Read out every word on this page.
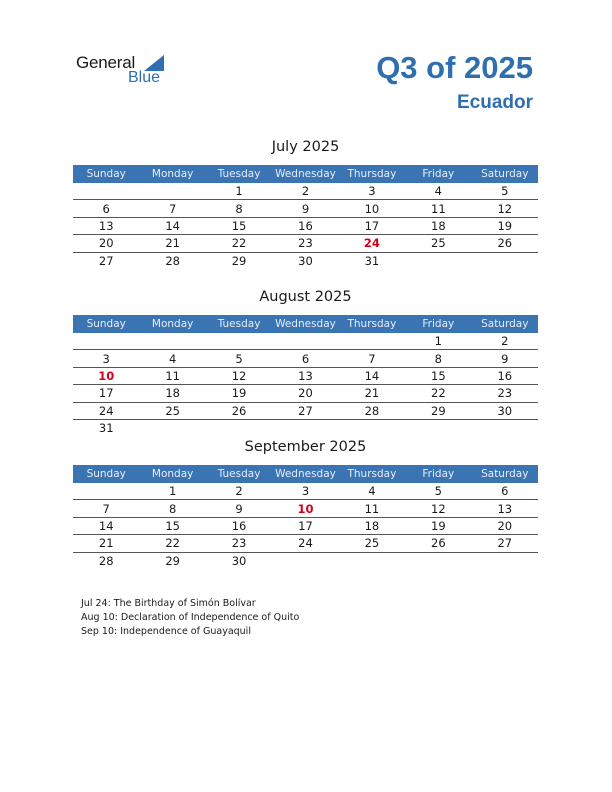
General
Blue	Q3 of 2025
Ecuador
July 2025
Sunday	Monday	Tuesday	Wednesday	Thursday	Friday	Saturday
		1	2	3	4	5
6	7	8	9	10	11	12
13	14	15	16	17	18	19
20	21	22	23	24	25	26
27	28	29	30	31		
August 2025
Sunday	Monday	Tuesday	Wednesday	Thursday	Friday	Saturday
					1	2
3	4	5	6	7	8	9
10	11	12	13	14	15	16
17	18	19	20	21	22	23
24	25	26	27	28	29	30
31						
September 2025
Sunday	Monday	Tuesday	Wednesday	Thursday	Friday	Saturday
	1	2	3	4	5	6
7	8	9	10	11	12	13
14	15	16	17	18	19	20
21	22	23	24	25	26	27
28	29	30				
Jul 24: The Birthday of Simón Bolívar
Aug 10: Declaration of Independence of Quito
Sep 10: Independence of Guayaquil
